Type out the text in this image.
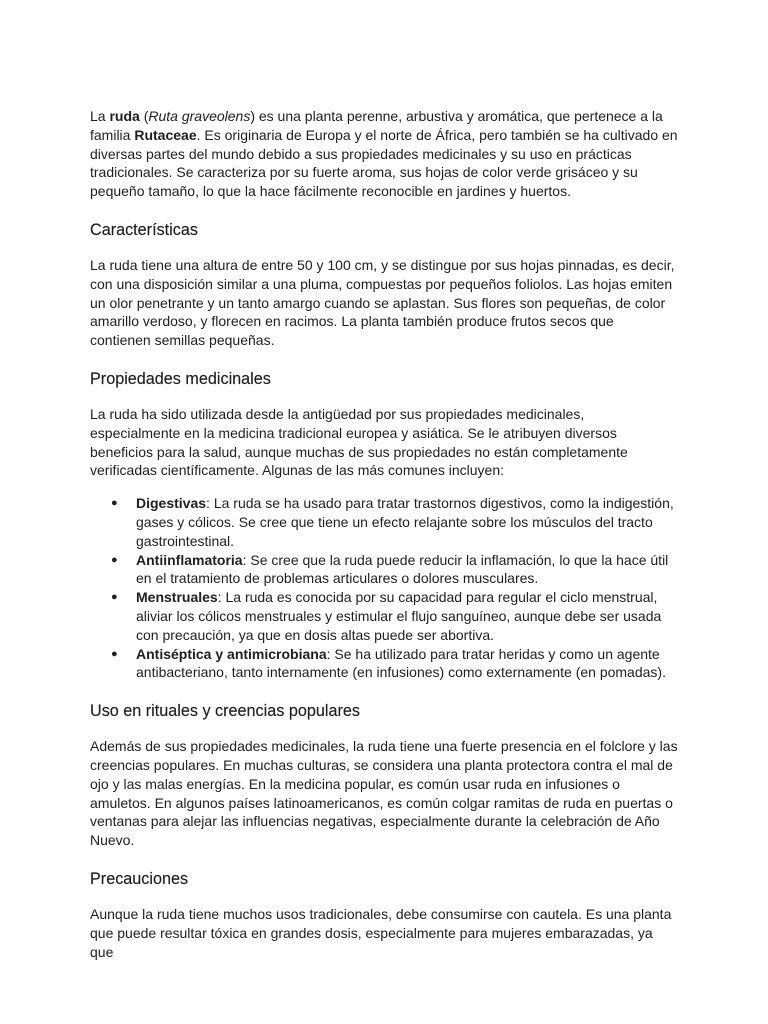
La ruda (Ruta graveolens) es una planta perenne, arbustiva y aromática, que pertenece a la familia Rutaceae. Es originaria de Europa y el norte de África, pero también se ha cultivado en diversas partes del mundo debido a sus propiedades medicinales y su uso en prácticas tradicionales. Se caracteriza por su fuerte aroma, sus hojas de color verde grisáceo y su pequeño tamaño, lo que la hace fácilmente reconocible en jardines y huertos.

Características

La ruda tiene una altura de entre 50 y 100 cm, y se distingue por sus hojas pinnadas, es decir, con una disposición similar a una pluma, compuestas por pequeños foliolos. Las hojas emiten un olor penetrante y un tanto amargo cuando se aplastan. Sus flores son pequeñas, de color amarillo verdoso, y florecen en racimos. La planta también produce frutos secos que contienen semillas pequeñas.

Propiedades medicinales

La ruda ha sido utilizada desde la antigüedad por sus propiedades medicinales, especialmente en la medicina tradicional europea y asiática. Se le atribuyen diversos beneficios para la salud, aunque muchas de sus propiedades no están completamente verificadas científicamente. Algunas de las más comunes incluyen:

● Digestivas: La ruda se ha usado para tratar trastornos digestivos, como la indigestión, gases y cólicos. Se cree que tiene un efecto relajante sobre los músculos del tracto gastrointestinal.
● Antiinflamatoria: Se cree que la ruda puede reducir la inflamación, lo que la hace útil en el tratamiento de problemas articulares o dolores musculares.
● Menstruales: La ruda es conocida por su capacidad para regular el ciclo menstrual, aliviar los cólicos menstruales y estimular el flujo sanguíneo, aunque debe ser usada con precaución, ya que en dosis altas puede ser abortiva.
● Antiséptica y antimicrobiana: Se ha utilizado para tratar heridas y como un agente antibacteriano, tanto internamente (en infusiones) como externamente (en pomadas).
Uso en rituales y creencias populares

Además de sus propiedades medicinales, la ruda tiene una fuerte presencia en el folclore y las creencias populares. En muchas culturas, se considera una planta protectora contra el mal de ojo y las malas energías. En la medicina popular, es común usar ruda en infusiones o amuletos. En algunos países latinoamericanos, es común colgar ramitas de ruda en puertas o ventanas para alejar las influencias negativas, especialmente durante la celebración de Año Nuevo.

Precauciones

Aunque la ruda tiene muchos usos tradicionales, debe consumirse con cautela. Es una planta que puede resultar tóxica en grandes dosis, especialmente para mujeres embarazadas, ya que
